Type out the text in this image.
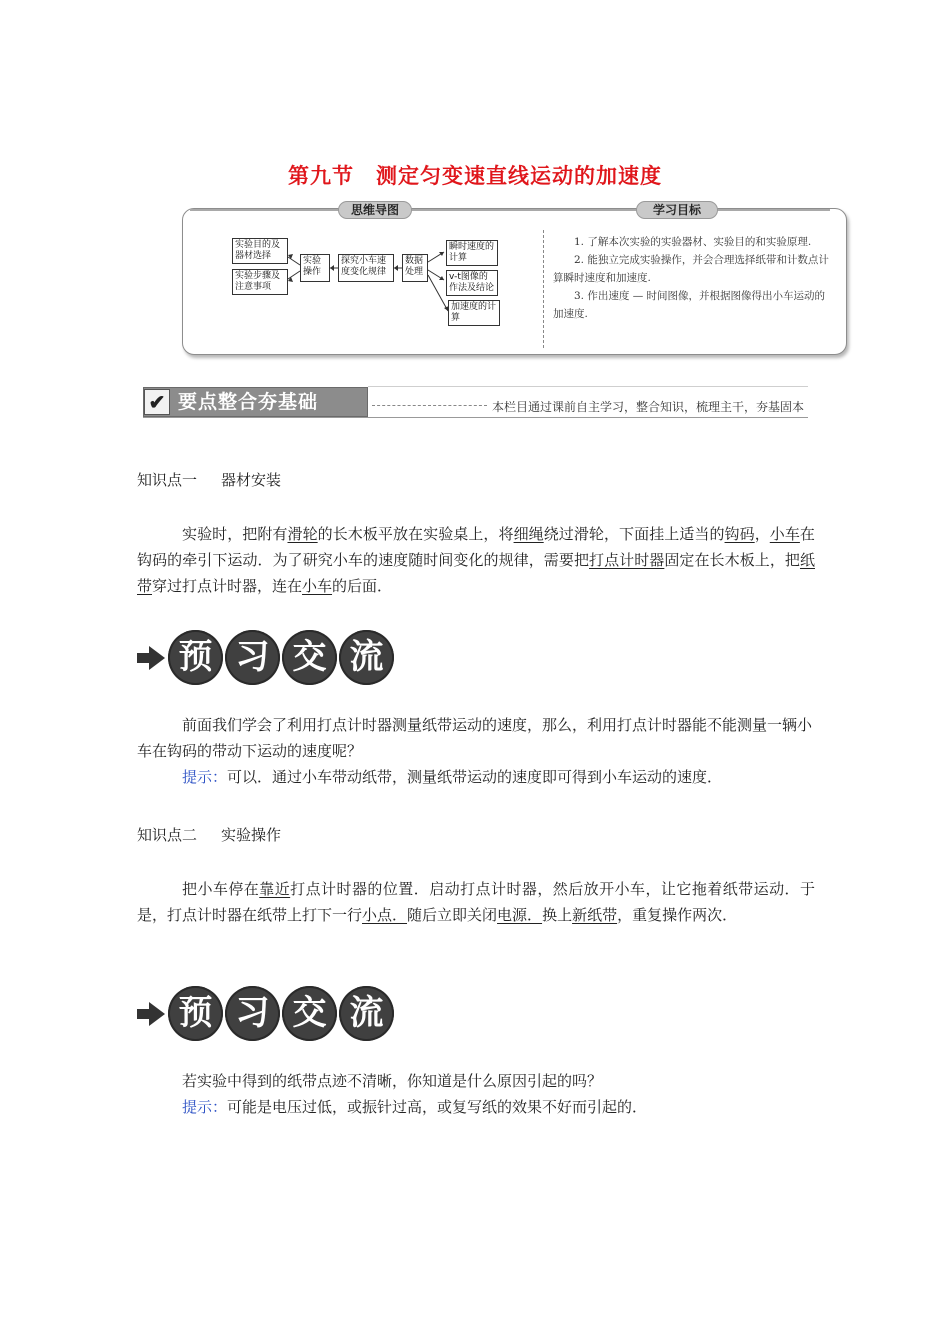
第九节 测定匀变速直线运动的加速度
思维导图	学习目标
实验目的及器材选择
实验步骤及注意事项
实验操作
探究小车速度变化规律
数据处理
瞬时速度的计算
v-t图像的作法及结论
加速度的计算

1. 了解本次实验的实验器材、实验目的和实验原理.

2. 能独立完成实验操作，并会合理选择纸带和计数点计算瞬时速度和加速度.

3. 作出速度 — 时间图像，并根据图像得出小车运动的加速度.

✔ 要点整合夯基础	本栏目通过课前自主学习，整合知识，梳理主干，夯基固本
知识点一 器材安装

实验时，把附有滑轮的长木板平放在实验桌上，将细绳绕过滑轮，下面挂上适当的钩码，小车在钩码的牵引下运动．为了研究小车的速度随时间变化的规律，需要把打点计时器固定在长木板上，把纸带穿过打点计时器，连在小车的后面．

预 习 交 流

前面我们学会了利用打点计时器测量纸带运动的速度，那么，利用打点计时器能不能测量一辆小车在钩码的带动下运动的速度呢？

提示：可以．通过小车带动纸带，测量纸带运动的速度即可得到小车运动的速度．

知识点二 实验操作

把小车停在靠近打点计时器的位置．启动打点计时器，然后放开小车，让它拖着纸带运动．于是，打点计时器在纸带上打下一行小点．随后立即关闭电源．换上新纸带，重复操作两次．

预 习 交 流

若实验中得到的纸带点迹不清晰，你知道是什么原因引起的吗？

提示：可能是电压过低，或振针过高，或复写纸的效果不好而引起的．
